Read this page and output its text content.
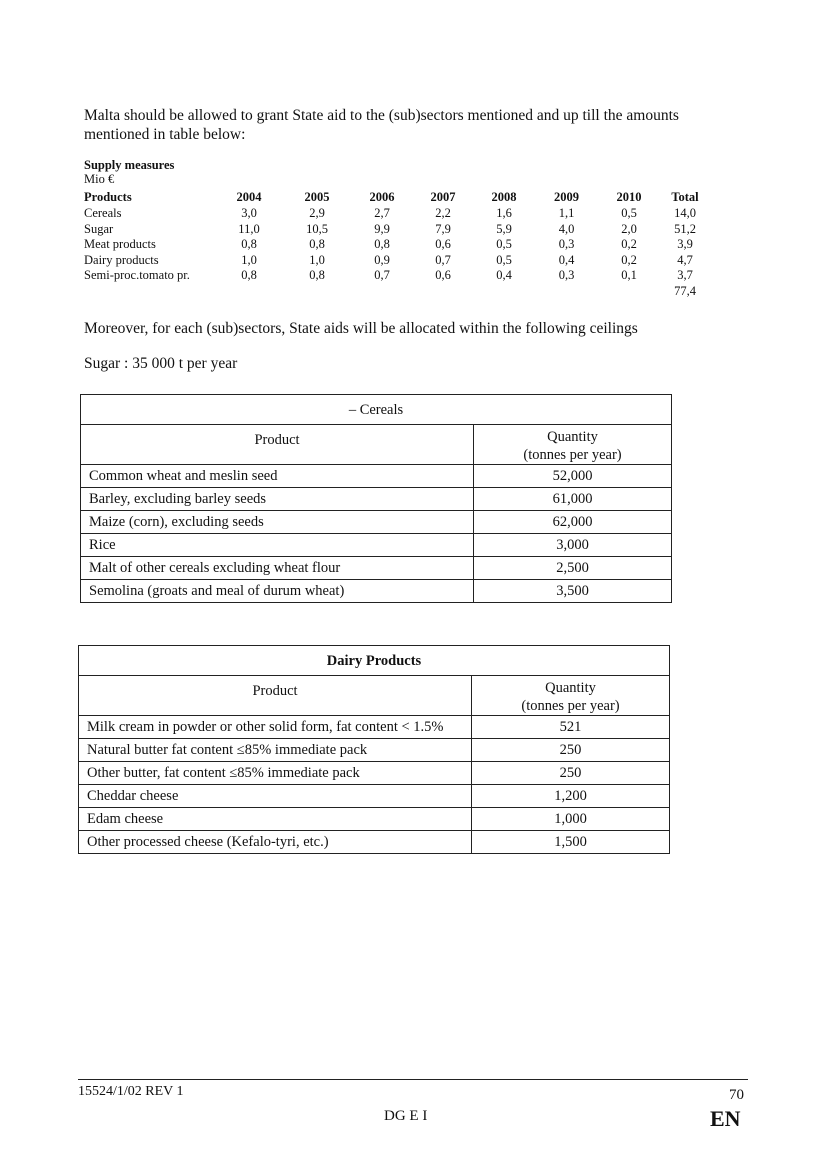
Malta should be allowed to grant State aid to the (sub)sectors mentioned and up till the amounts mentioned in table below:
Supply measures
Mio €
Products	2004	2005	2006	2007	2008	2009	2010	Total
Cereals	3,0	2,9	2,7	2,2	1,6	1,1	0,5	14,0
Sugar	11,0	10,5	9,9	7,9	5,9	4,0	2,0	51,2
Meat products	0,8	0,8	0,8	0,6	0,5	0,3	0,2	3,9
Dairy products	1,0	1,0	0,9	0,7	0,5	0,4	0,2	4,7
Semi-proc.tomato pr.	0,8	0,8	0,7	0,6	0,4	0,3	0,1	3,7
								77,4
Moreover, for each (sub)sectors, State aids will be allocated within the following ceilings
Sugar : 35 000 t per year
– Cereals	
Product	Quantity
(tonnes per year)

Common wheat and meslin seed	52,000
Barley, excluding barley seeds	61,000
Maize (corn), excluding seeds	62,000
Rice	3,000
Malt of other cereals excluding wheat flour	2,500
Semolina (groats and meal of durum wheat)	3,500
Dairy Products	
Product	Quantity
(tonnes per year)

Milk cream in powder or other solid form, fat content < 1.5%	521
Natural butter fat content ≤85% immediate pack	250
Other butter, fat content ≤85% immediate pack	250
Cheddar cheese	1,200
Edam cheese	1,000
Other processed cheese (Kefalo-tyri, etc.)	1,500
15524/1/02 REV 1	70
DG E I	EN
